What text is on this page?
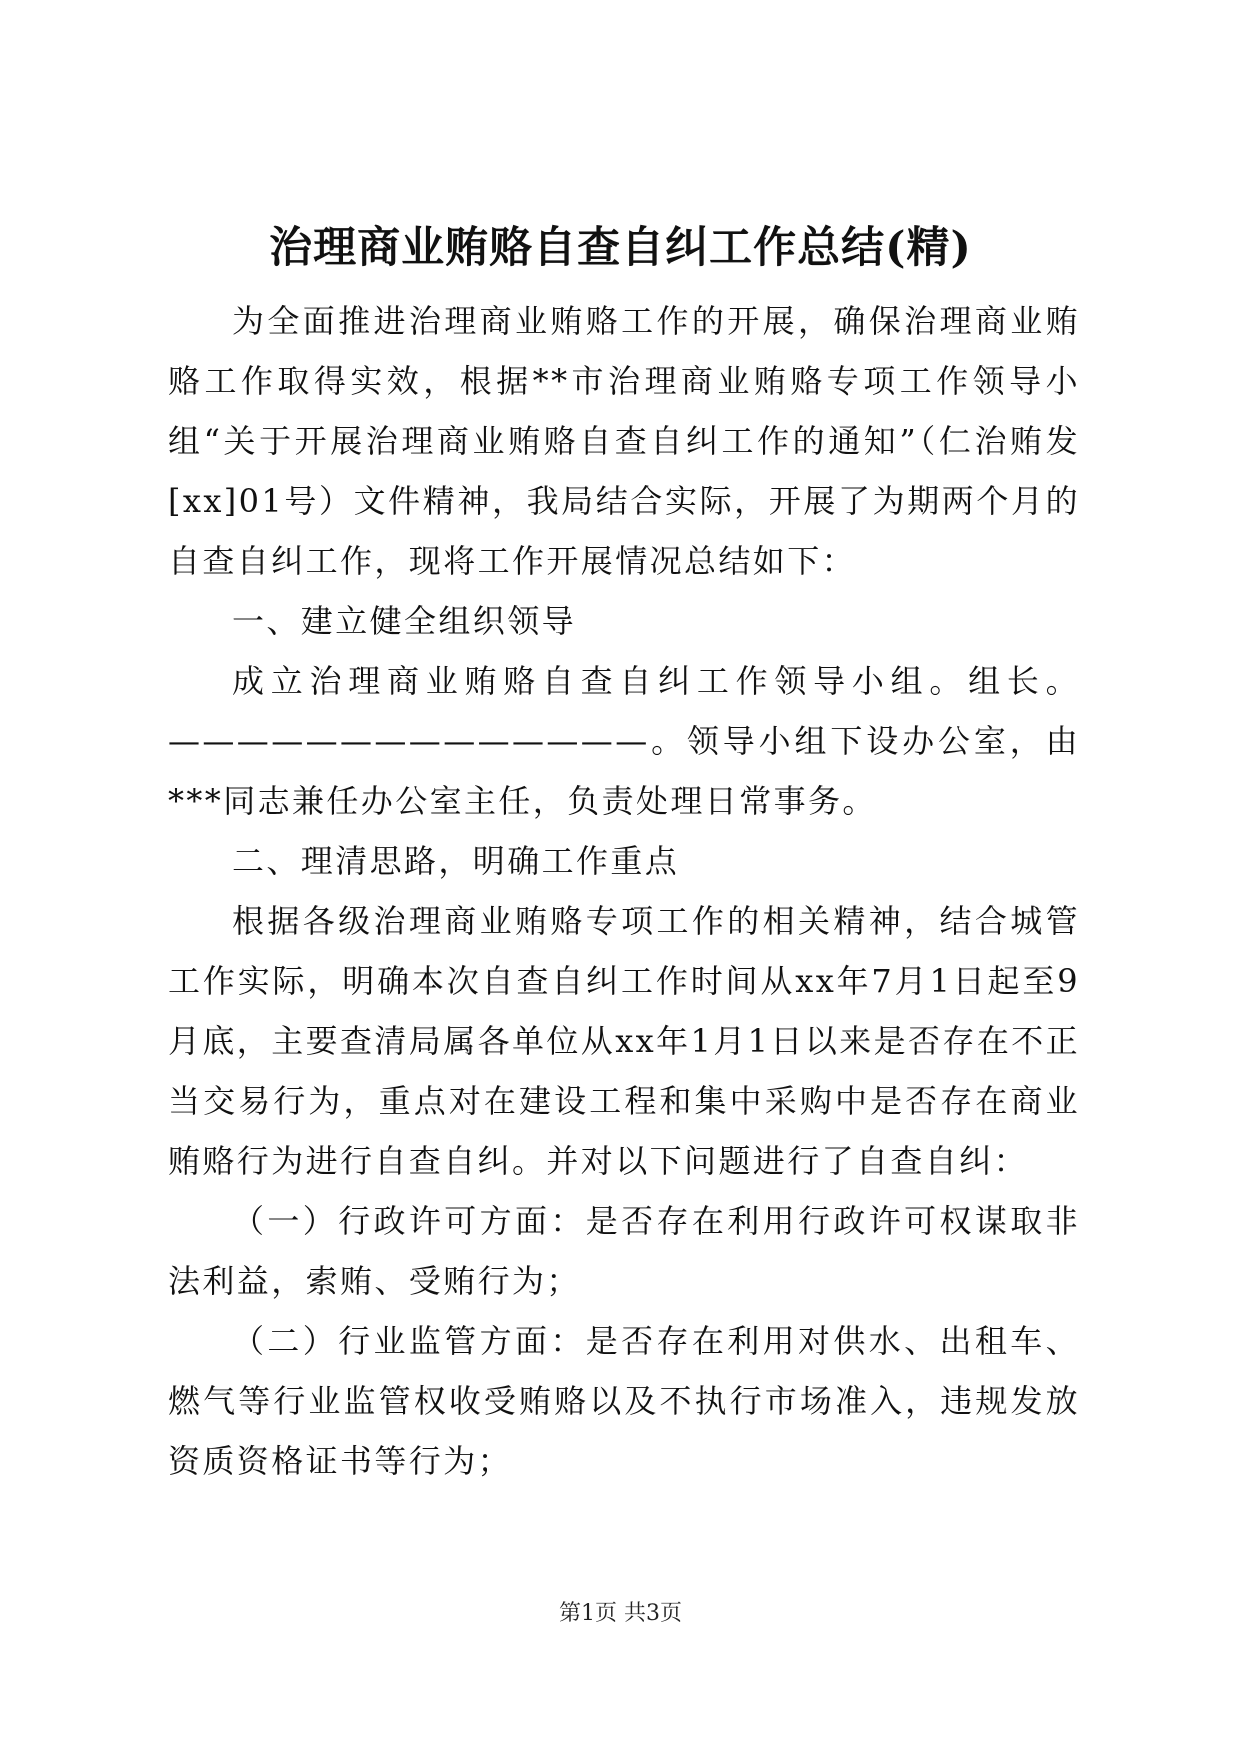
治理商业贿赂自查自纠工作总结(精)

为全面推进治理商业贿赂工作的开展，确保治理商业贿赂工作取得实效，根据**市治理商业贿赂专项工作领导小组“关于开展治理商业贿赂自查自纠工作的通知”（仁治贿发[xx]01号）文件精神，我局结合实际，开展了为期两个月的自查自纠工作，现将工作开展情况总结如下：

一、建立健全组织领导

成立治理商业贿赂自查自纠工作领导小组。组长。——————————————。领导小组下设办公室，由***同志兼任办公室主任，负责处理日常事务。

二、理清思路，明确工作重点

根据各级治理商业贿赂专项工作的相关精神，结合城管工作实际，明确本次自查自纠工作时间从xx年7月1日起至9月底，主要查清局属各单位从xx年1月1日以来是否存在不正当交易行为，重点对在建设工程和集中采购中是否存在商业贿赂行为进行自查自纠。并对以下问题进行了自查自纠：

（一）行政许可方面：是否存在利用行政许可权谋取非法利益，索贿、受贿行为；

（二）行业监管方面：是否存在利用对供水、出租车、燃气等行业监管权收受贿赂以及不执行市场准入，违规发放资质资格证书等行为；

第1页 共3页
